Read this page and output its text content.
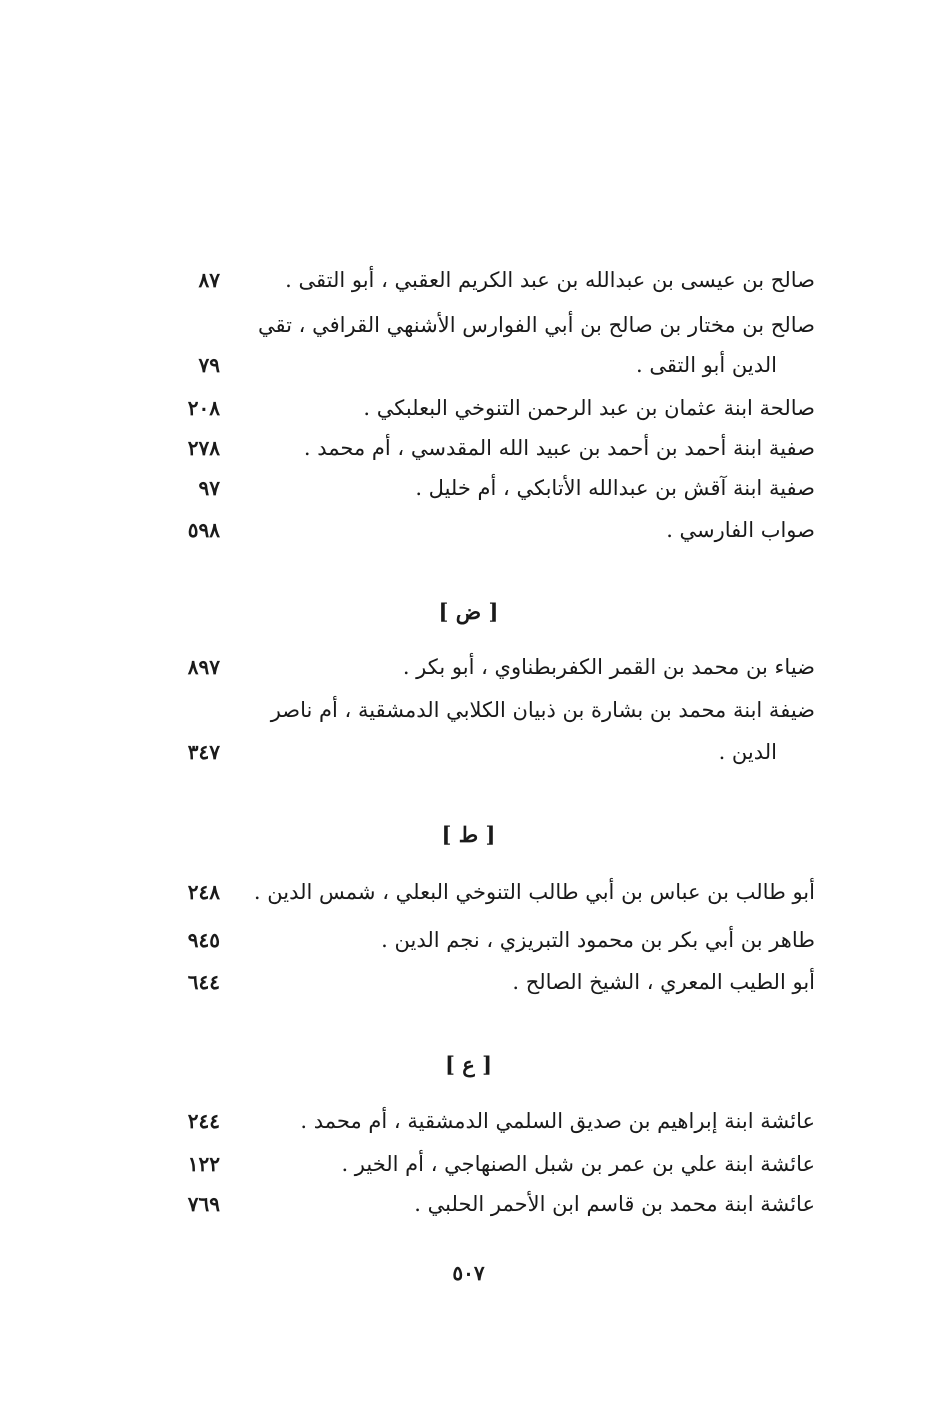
صالح بن عيسى بن عبدالله بن عبد الكريم العقبي ، أبو التقى .
٨٧
صالح بن مختار بن صالح بن أبي الفوارس الأشنهي القرافي ، تقي
الدين أبو التقى .
٧٩
صالحة ابنة عثمان بن عبد الرحمن التنوخي البعلبكي .
٢٠٨
صفية ابنة أحمد بن أحمد بن عبيد الله المقدسي ، أم محمد .
٢٧٨
صفية ابنة آقش بن عبدالله الأتابكي ، أم خليل .
٩٧
صواب الفارسي .
٥٩٨
[ ض ]
ضياء بن محمد بن القمر الكفربطناوي ، أبو بكر .
٨٩٧
ضيفة ابنة محمد بن بشارة بن ذبيان الكلابي الدمشقية ، أم ناصر
الدين .
٣٤٧
[ ط ]
أبو طالب بن عباس بن أبي طالب التنوخي البعلي ، شمس الدين .
٢٤٨
طاهر بن أبي بكر بن محمود التبريزي ، نجم الدين .
٩٤٥
أبو الطيب المعري ، الشيخ الصالح .
٦٤٤
[ ع ]
عائشة ابنة إبراهيم بن صديق السلمي الدمشقية ، أم محمد .
٢٤٤
عائشة ابنة علي بن عمر بن شبل الصنهاجي ، أم الخير .
١٢٢
عائشة ابنة محمد بن قاسم ابن الأحمر الحلبي .
٧٦٩
٥٠٧
